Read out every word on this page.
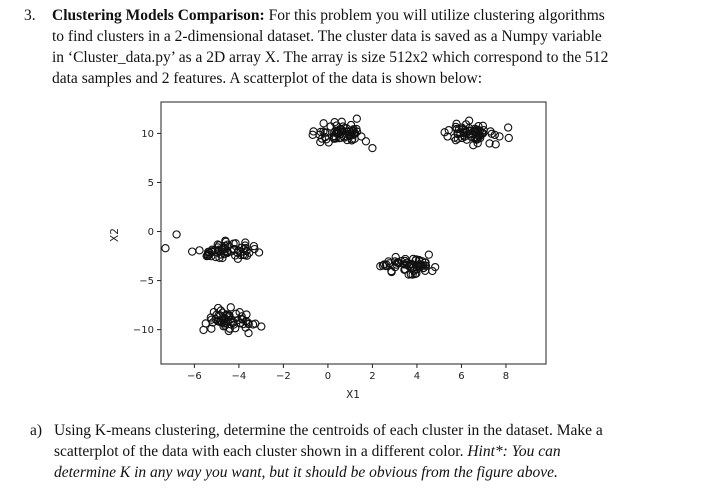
3. Clustering Models Comparison: For this problem you will utilize clustering algorithms
to find clusters in a 2-dimensional dataset. The cluster data is saved as a Numpy variable
in ‘Cluster_data.py’ as a 2D array X. The array is size 512x2 which correspond to the 512
data samples and 2 features. A scatterplot of the data is shown below:
−6	−4	−2	0	2	4	6	8
10
5
0
−5
−10
X1
X2
a) Using K-means clustering, determine the centroids of each cluster in the dataset. Make a
scatterplot of the data with each cluster shown in a different color. Hint*: You can
determine K in any way you want, but it should be obvious from the figure above.
